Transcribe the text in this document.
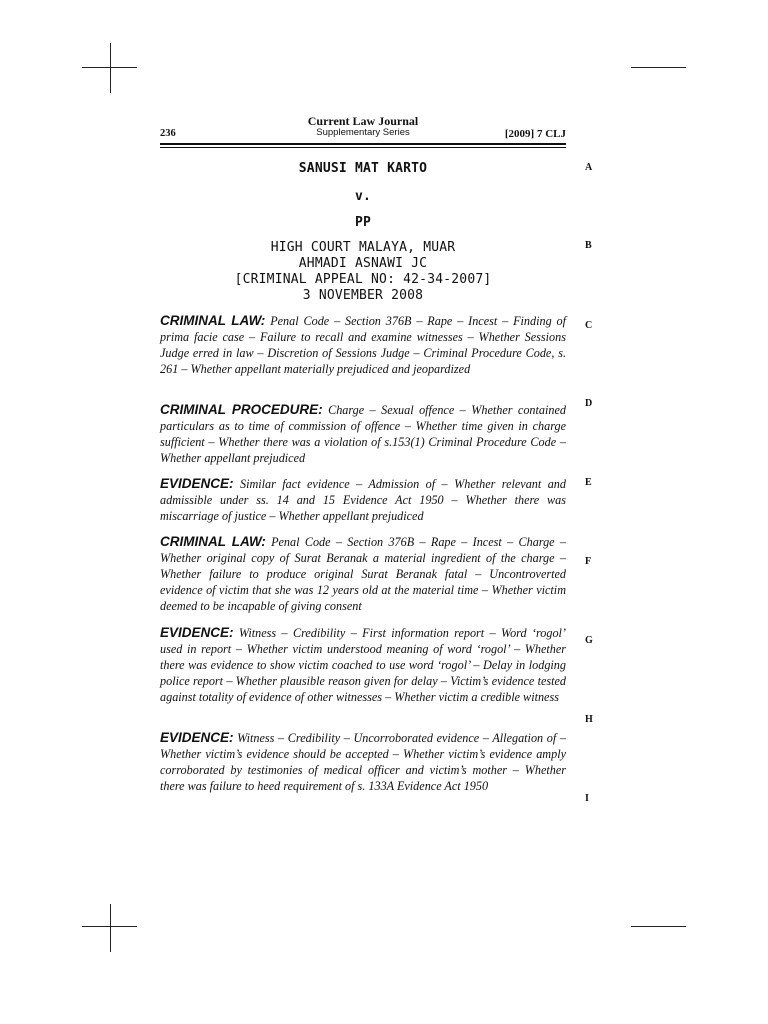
Current Law Journal
Supplementary Series
236	[2009] 7 CLJ
SANUSI MAT KARTO
v.
PP
HIGH COURT MALAYA, MUAR
AHMADI ASNAWI JC
[CRIMINAL APPEAL NO: 42-34-2007]
3 NOVEMBER 2008
A
B
C
D
E
F
G
H
I
CRIMINAL LAW: Penal Code – Section 376B – Rape – Incest – Finding of prima facie case – Failure to recall and examine witnesses – Whether Sessions Judge erred in law – Discretion of Sessions Judge – Criminal Procedure Code, s. 261 – Whether appellant materially prejudiced and jeopardized
CRIMINAL PROCEDURE: Charge – Sexual offence – Whether contained particulars as to time of commission of offence – Whether time given in charge sufficient – Whether there was a violation of s.153(1) Criminal Procedure Code – Whether appellant prejudiced
EVIDENCE: Similar fact evidence – Admission of – Whether relevant and admissible under ss. 14 and 15 Evidence Act 1950 – Whether there was miscarriage of justice – Whether appellant prejudiced
CRIMINAL LAW: Penal Code – Section 376B – Rape – Incest – Charge – Whether original copy of Surat Beranak a material ingredient of the charge – Whether failure to produce original Surat Beranak fatal – Uncontroverted evidence of victim that she was 12 years old at the material time – Whether victim deemed to be incapable of giving consent
EVIDENCE: Witness – Credibility – First information report – Word ‘rogol’ used in report – Whether victim understood meaning of word ‘rogol’ – Whether there was evidence to show victim coached to use word ‘rogol’ – Delay in lodging police report – Whether plausible reason given for delay – Victim’s evidence tested against totality of evidence of other witnesses – Whether victim a credible witness
EVIDENCE: Witness – Credibility – Uncorroborated evidence – Allegation of – Whether victim’s evidence should be accepted – Whether victim’s evidence amply corroborated by testimonies of medical officer and victim’s mother – Whether there was failure to heed requirement of s. 133A Evidence Act 1950
